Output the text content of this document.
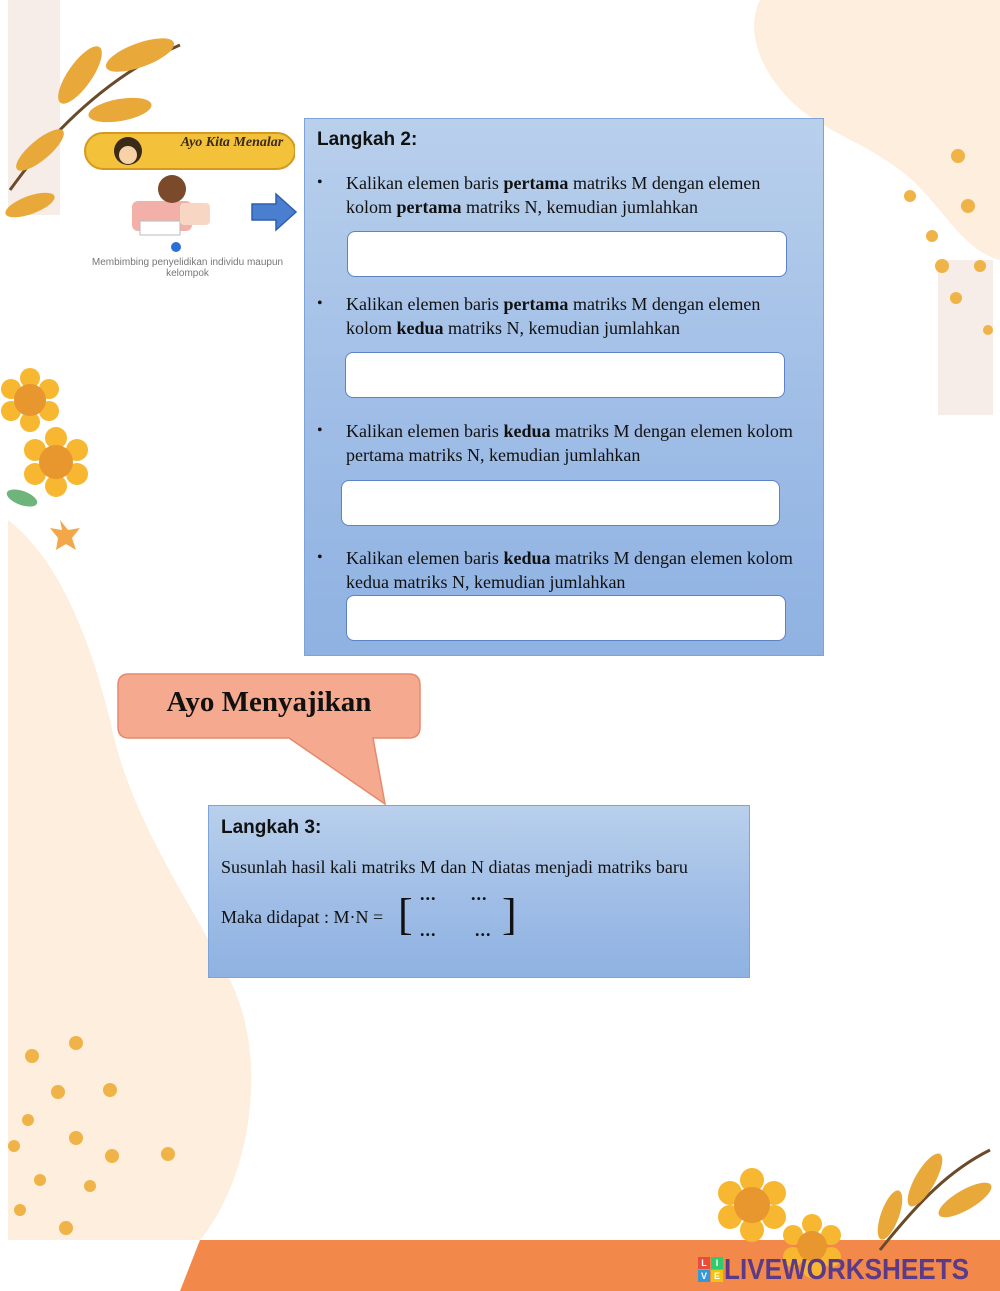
Ayo Kita Menalar
Membimbing penyelidikan individu maupun kelompok
Langkah 2:
• Kalikan elemen baris pertama matriks M dengan elemen kolom pertama matriks N, kemudian jumlahkan
• Kalikan elemen baris pertama matriks M dengan elemen kolom kedua matriks N, kemudian jumlahkan
• Kalikan elemen baris kedua matriks M dengan elemen kolom pertama matriks N, kemudian jumlahkan
• Kalikan elemen baris kedua matriks M dengan elemen kolom kedua matriks N, kemudian jumlahkan
Ayo Menyajikan
Langkah 3:
Susunlah hasil kali matriks M dan N diatas menjadi matriks baru
Maka didapat : M·N = [ ... ...
... ... ]
L I
V E LIVEWORKSHEETS
